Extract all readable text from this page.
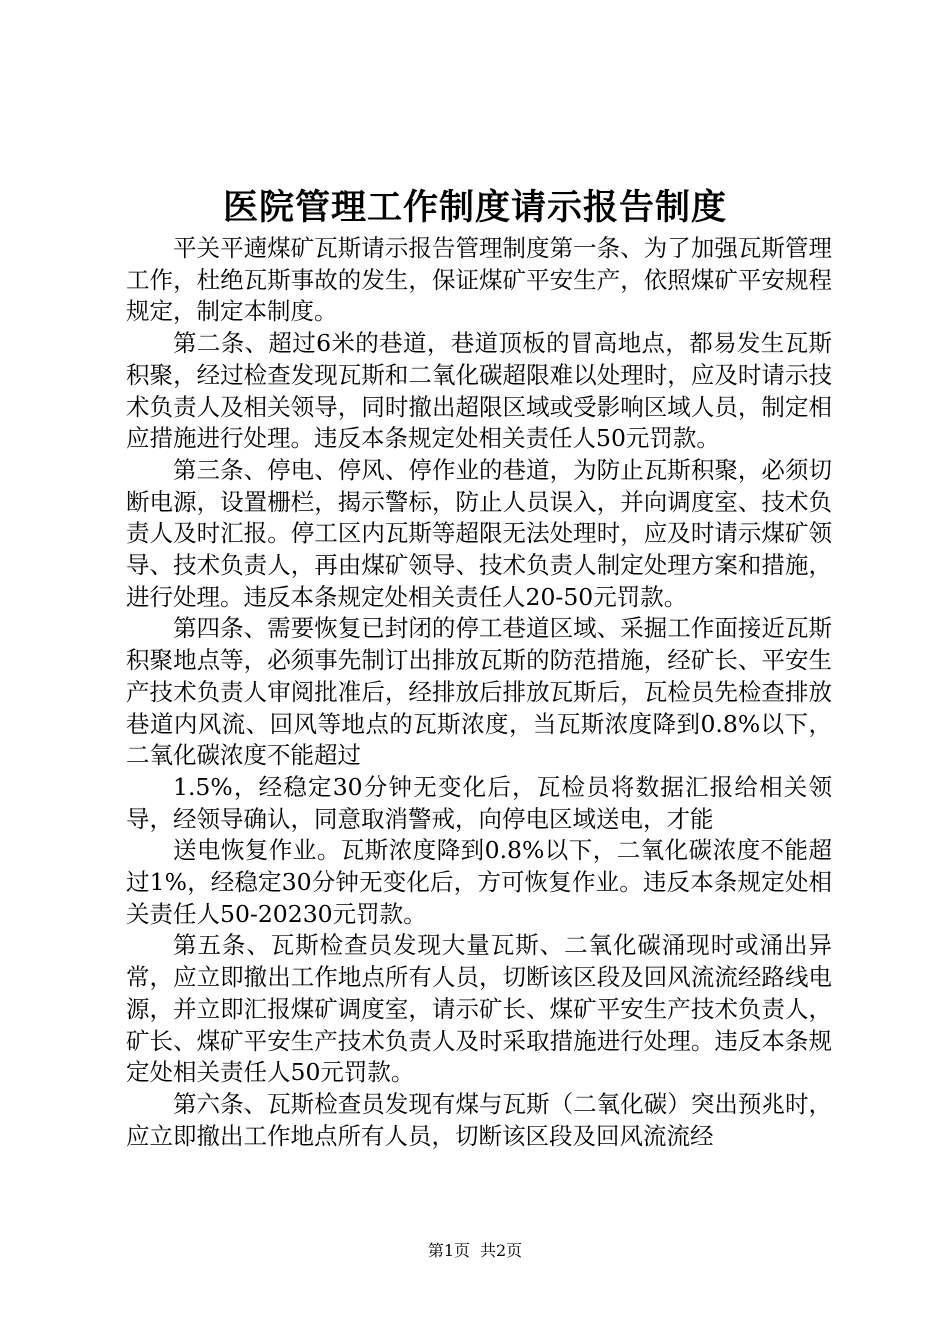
医院管理工作制度请示报告制度

平关平遖煤矿瓦斯请示报告管理制度第一条、为了加强瓦斯管理工作，杜绝瓦斯事故的发生，保证煤矿平安生产，依照煤矿平安规程规定，制定本制度。

第二条、超过6米的巷道，巷道顶板的冒高地点，都易发生瓦斯积聚，经过检查发现瓦斯和二氧化碳超限难以处理时，应及时请示技术负责人及相关领导，同时撤出超限区域或受影响区域人员，制定相应措施进行处理。违反本条规定处相关责任人50元罚款。

第三条、停电、停风、停作业的巷道，为防止瓦斯积聚，必须切断电源，设置栅栏，揭示警标，防止人员误入，并向调度室、技术负责人及时汇报。停工区内瓦斯等超限无法处理时，应及时请示煤矿领导、技术负责人，再由煤矿领导、技术负责人制定处理方案和措施，进行处理。违反本条规定处相关责任人20-50元罚款。

第四条、需要恢复已封闭的停工巷道区域、采掘工作面接近瓦斯积聚地点等，必须事先制订出排放瓦斯的防范措施，经矿长、平安生产技术负责人审阅批准后，经排放后排放瓦斯后，瓦检员先检查排放巷道内风流、回风等地点的瓦斯浓度，当瓦斯浓度降到0.8%以下，二氧化碳浓度不能超过

1.5%，经稳定30分钟无变化后，瓦检员将数据汇报给相关领导，经领导确认，同意取消警戒，向停电区域送电，才能

送电恢复作业。瓦斯浓度降到0.8%以下，二氧化碳浓度不能超过1%，经稳定30分钟无变化后，方可恢复作业。违反本条规定处相关责任人50-20230元罚款。

第五条、瓦斯检查员发现大量瓦斯、二氧化碳涌现时或涌出异常，应立即撤出工作地点所有人员，切断该区段及回风流流经路线电源，并立即汇报煤矿调度室，请示矿长、煤矿平安生产技术负责人，矿长、煤矿平安生产技术负责人及时采取措施进行处理。违反本条规定处相关责任人50元罚款。

第六条、瓦斯检查员发现有煤与瓦斯（二氧化碳）突出预兆时，应立即撤出工作地点所有人员，切断该区段及回风流流经

第1页 共2页
